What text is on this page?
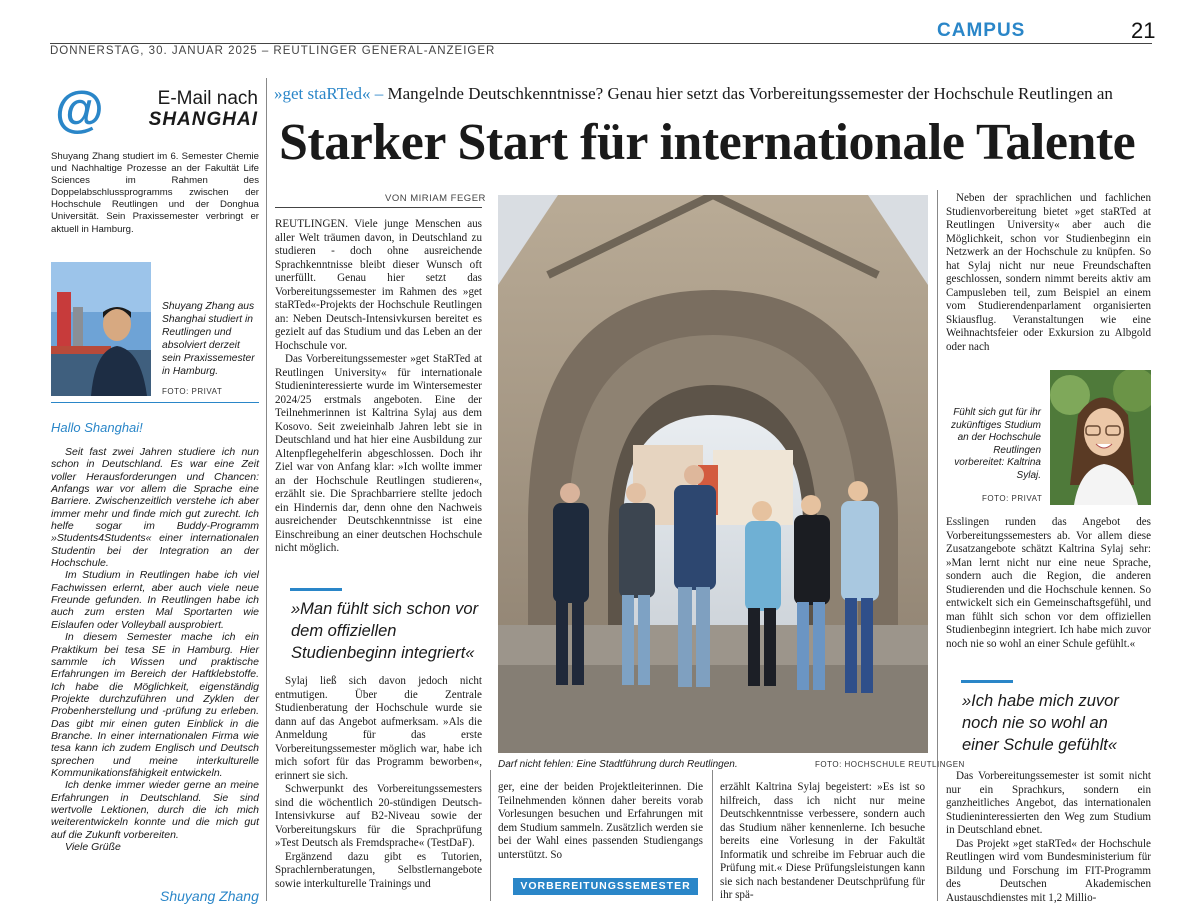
CAMPUS	21
DONNERSTAG, 30. JANUAR 2025 – REUTLINGER GENERAL-ANZEIGER
@	E-Mail nach
SHANGHAI
Shuyang Zhang studiert im 6. Semester Chemie und Nachhaltige Prozesse an der Fakultät Life Sciences im Rahmen des Doppelabschlussprogramms zwischen der Hochschule Reutlingen und der Donghua Universität. Sein Praxissemester verbringt er aktuell in Hamburg.
Shuyang Zhang aus Shanghai studiert in Reutlingen und absolviert derzeit sein Praxissemester in Hamburg.
FOTO: PRIVAT
Hallo Shanghai!

Seit fast zwei Jahren studiere ich nun schon in Deutschland. Es war eine Zeit voller Herausforderungen und Chancen: Anfangs war vor allem die Sprache eine Barriere. Zwischenzeitlich verstehe ich aber immer mehr und finde mich gut zurecht. Ich helfe sogar im Buddy-Programm »Students4Students« einer internationalen Studentin bei der Integration an der Hochschule.

Im Studium in Reutlingen habe ich viel Fachwissen erlernt, aber auch viele neue Freunde gefunden. In Reutlingen habe ich auch zum ersten Mal Sportarten wie Eislaufen oder Volleyball ausprobiert.

In diesem Semester mache ich ein Praktikum bei tesa SE in Hamburg. Hier sammle ich Wissen und praktische Erfahrungen im Bereich der Haftklebstoffe. Ich habe die Möglichkeit, eigenständig Projekte durchzuführen und Zyklen der Probenherstellung und -prüfung zu erleben. Das gibt mir einen guten Einblick in die Branche. In einer internationalen Firma wie tesa kann ich zudem Englisch und Deutsch sprechen und meine interkulturelle Kommunikationsfähigkeit entwickeln.

Ich denke immer wieder gerne an meine Erfahrungen in Deutschland. Sie sind wertvolle Lektionen, durch die ich mich weiterentwickeln konnte und die mich gut auf die Zukunft vorbereiten.

Viele Grüße

Shuyang Zhang
»get staRTed« – Mangelnde Deutschkenntnisse? Genau hier setzt das Vorbereitungssemester der Hochschule Reutlingen an
Starker Start für internationale Talente
VON MIRIAM FEGER

REUTLINGEN. Viele junge Menschen aus aller Welt träumen davon, in Deutschland zu studieren - doch ohne ausreichende Sprachkenntnisse bleibt dieser Wunsch oft unerfüllt. Genau hier setzt das Vorbereitungssemester im Rahmen des »get staRTed«-Projekts der Hochschule Reutlingen an: Neben Deutsch-Intensivkursen bereitet es gezielt auf das Studium und das Leben an der Hochschule vor.

Das Vorbereitungssemester »get StaRTed at Reutlingen University« für internationale Studieninteressierte wurde im Wintersemester 2024/25 erstmals angeboten. Eine der Teilnehmerinnen ist Kaltrina Sylaj aus dem Kosovo. Seit zweieinhalb Jahren lebt sie in Deutschland und hat hier eine Ausbildung zur Altenpflegehelferin abgeschlossen. Doch ihr Ziel war von Anfang klar: »Ich wollte immer an der Hochschule Reutlingen studieren«, erzählt sie. Die Sprachbarriere stellte jedoch ein Hindernis dar, denn ohne den Nachweis ausreichender Deutschkenntnisse ist eine Einschreibung an einer deutschen Hochschule nicht möglich.

»Man fühlt sich schon vor dem offiziellen Studienbeginn integriert«

Sylaj ließ sich davon jedoch nicht entmutigen. Über die Zentrale Studienberatung der Hochschule wurde sie dann auf das Angebot aufmerksam. »Als die Anmeldung für das erste Vorbereitungssemester möglich war, habe ich mich sofort für das Programm beworben«, erinnert sie sich.

Schwerpunkt des Vorbereitungssemesters sind die wöchentlich 20-stündigen Deutsch-Intensivkurse auf B2-Niveau sowie der Vorbereitungskurs für die Sprachprüfung »Test Deutsch als Fremdsprache« (TestDaF).

Ergänzend dazu gibt es Tutorien, Sprachlernberatungen, Selbstlernangebote sowie interkulturelle Trainings und

Darf nicht fehlen: Eine Stadtführung durch Reutlingen.	FOTO: HOCHSCHULE REUTLINGEN

ger, eine der beiden Projektleiterinnen. Die Teilnehmenden können daher bereits vorab Vorlesungen besuchen und Erfahrungen mit dem Studium sammeln. Zusätzlich werden sie bei der Wahl eines passenden Studiengangs unterstützt. So

VORBEREITUNGSSEMESTER

erzählt Kaltrina Sylaj begeistert: »Es ist so hilfreich, dass ich nicht nur meine Deutschkenntnisse verbessere, sondern auch das Studium näher kennenlerne. Ich besuche bereits eine Vorlesung in der Fakultät Informatik und schreibe im Februar auch die Prüfung mit.« Diese Prüfungsleistungen kann sie sich nach bestandener Deutschprüfung für ihr spä-

Neben der sprachlichen und fachlichen Studienvorbereitung bietet »get staRTed at Reutlingen University« aber auch die Möglichkeit, schon vor Studienbeginn ein Netzwerk an der Hochschule zu knüpfen. So hat Sylaj nicht nur neue Freundschaften geschlossen, sondern nimmt bereits aktiv am Campusleben teil, zum Beispiel an einem vom Studierendenparlament organisierten Skiausflug. Veranstaltungen wie eine Weihnachtsfeier oder Exkursion zu Albgold oder nach

Fühlt sich gut für ihr zukünftiges Studium an der Hochschule Reutlingen vorbereitet: Kaltrina Sylaj.
FOTO: PRIVAT

Esslingen runden das Angebot des Vorbereitungssemesters ab. Vor allem diese Zusatzangebote schätzt Kaltrina Sylaj sehr: »Man lernt nicht nur eine neue Sprache, sondern auch die Region, die anderen Studierenden und die Hochschule kennen. So entwickelt sich ein Gemeinschaftsgefühl, und man fühlt sich schon vor dem offiziellen Studienbeginn integriert. Ich habe mich zuvor noch nie so wohl an einer Schule gefühlt.«

»Ich habe mich zuvor noch nie so wohl an einer Schule gefühlt«

Das Vorbereitungssemester ist somit nicht nur ein Sprachkurs, sondern ein ganzheitliches Angebot, das internationalen Studieninteressierten den Weg zum Studium in Deutschland ebnet.

Das Projekt »get staRTed« der Hochschule Reutlingen wird vom Bundesministerium für Bildung und Forschung im FIT-Programm des Deutschen Akademischen Austauschdienstes mit 1,2 Millio-
